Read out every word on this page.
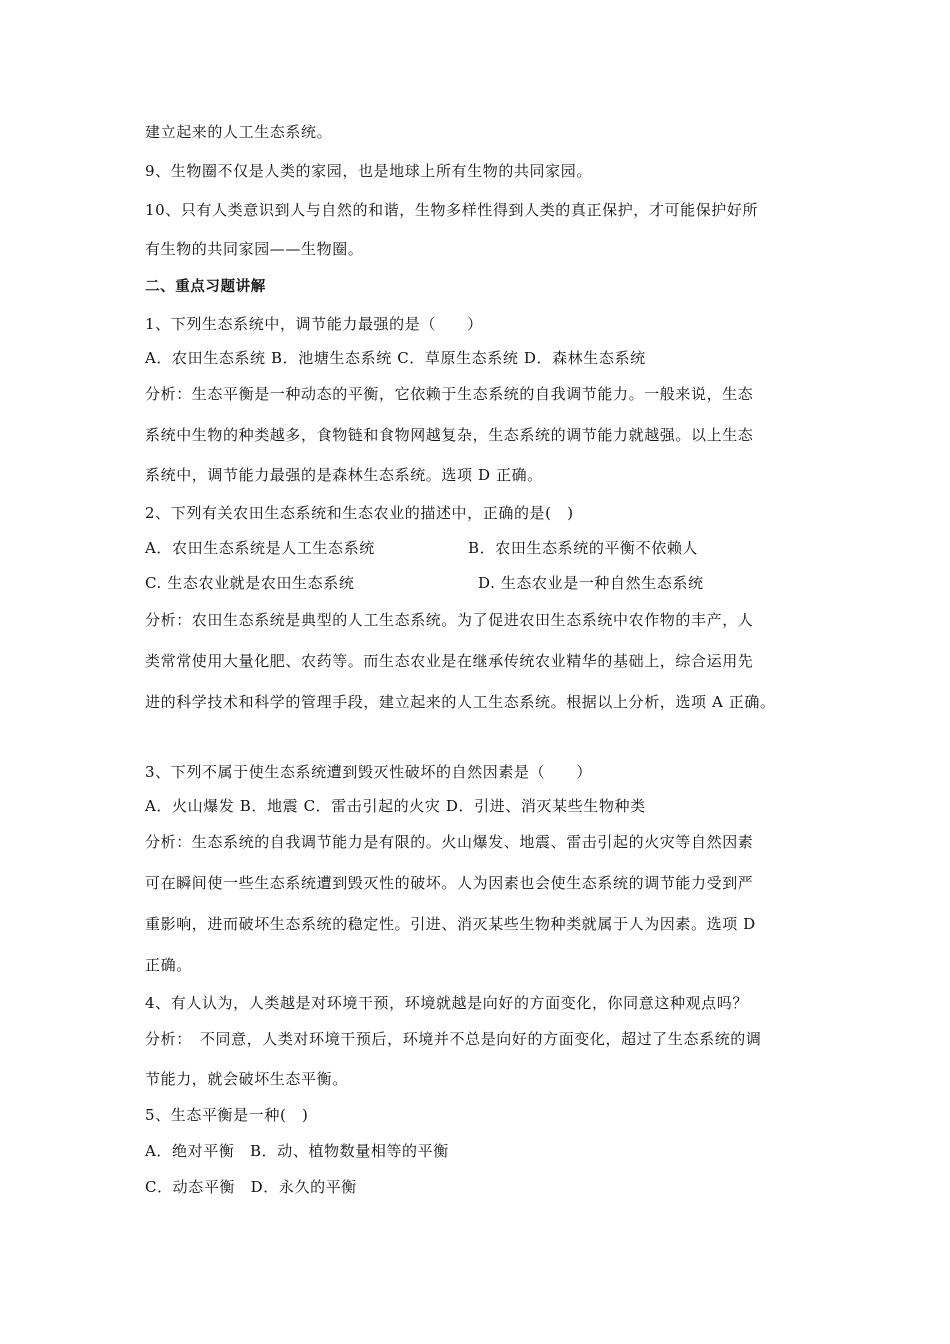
建立起来的人工生态系统。
9、生物圈不仅是人类的家园，也是地球上所有生物的共同家园。
10、只有人类意识到人与自然的和谐，生物多样性得到人类的真正保护，才可能保护好所
有生物的共同家园——生物圈。
二、重点习题讲解
1、下列生态系统中，调节能力最强的是（　　）
A．农田生态系统 B．池塘生态系统 C．草原生态系统 D．森林生态系统
分析：生态平衡是一种动态的平衡，它依赖于生态系统的自我调节能力。一般来说，生态
系统中生物的种类越多，食物链和食物网越复杂，生态系统的调节能力就越强。以上生态
系统中，调节能力最强的是森林生态系统。选项 D 正确。
2、下列有关农田生态系统和生态农业的描述中，正确的是(　)
A．农田生态系统是人工生态系统	B．农田生态系统的平衡不依赖人
C. 生态农业就是农田生态系统	D. 生态农业是一种自然生态系统
分析：农田生态系统是典型的人工生态系统。为了促进农田生态系统中农作物的丰产，人
类常常使用大量化肥、农药等。而生态农业是在继承传统农业精华的基础上，综合运用先
进的科学技术和科学的管理手段，建立起来的人工生态系统。根据以上分析，选项 A 正确。
3、下列不属于使生态系统遭到毁灭性破坏的自然因素是（　　）
A．火山爆发 B．地震 C．雷击引起的火灾 D．引进、消灭某些生物种类
分析：生态系统的自我调节能力是有限的。火山爆发、地震、雷击引起的火灾等自然因素
可在瞬间使一些生态系统遭到毁灭性的破坏。人为因素也会使生态系统的调节能力受到严
重影响，进而破坏生态系统的稳定性。引进、消灭某些生物种类就属于人为因素。选项 D
正确。
4、有人认为，人类越是对环境干预，环境就越是向好的方面变化，你同意这种观点吗？
分析：　不同意，人类对环境干预后，环境并不总是向好的方面变化，超过了生态系统的调
节能力，就会破坏生态平衡。
5、生态平衡是一种(　)
A．绝对平衡　B．动、植物数量相等的平衡
C．动态平衡　D．永久的平衡
